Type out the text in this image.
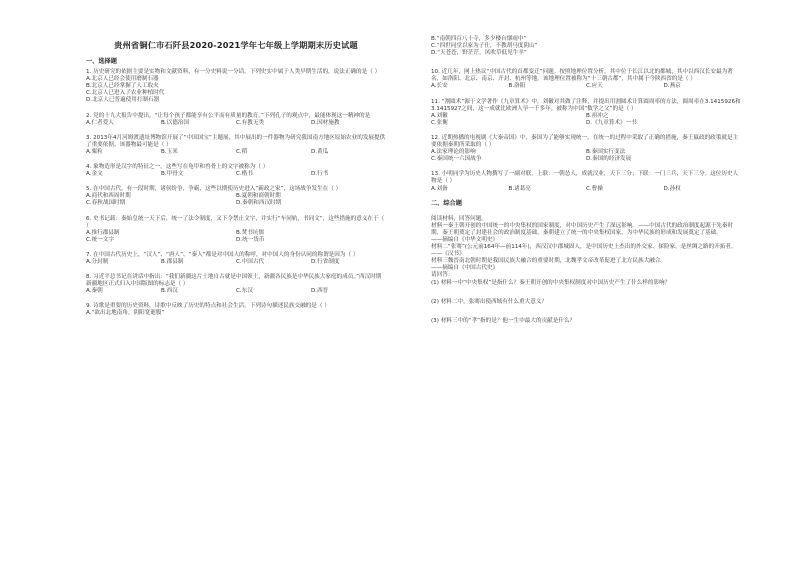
贵州省铜仁市石阡县2020-2021学年七年级上学期期末历史试题
一、选择题

1. 历史研究的依据主要是实物和文献资料，有一分史料说一分话。下列史实中属于人类早期生活的，说法正确的是（ ）

A.北京人已经会使用磨制石器
B.北京人已经掌握了人工取火
C.北京人已进入了农业种植时代
D.北京人已普遍使用打制石器

2. 党的十九大报告中提出，“让每个孩子都能享有公平而有质量的教育。”下列孔子的观点中，最能体现这一精神的是

A.仁者爱人	B.以德治国	C.有教无类	D.因材施教

3. 2013年4月河姆渡遗址博物馆开展了“中国国宝”主题展，其中展出的一件器物为研究我国南方地区原始农业的发展提供了重要依据。该器物最可能是（ ）

A.粟粒	B.玉米	C.稻	D.黄瓜

4. 象物造形是汉字的特征之一，这些写在龟甲和兽骨上的文字被称为（ ）

A.金文	B.甲骨文	C.楷书	D.行书

5. 在中国古代，有一段时期，诸侯纷争，争霸，这些以期使历史进入“霸政之家”，这场战争发生在（ ）

A.商代和西周时期	B.夏朝和商朝时期
C.春秋战国时期	D.秦朝和西汉时期

6. 史书记载：秦始皇统一天下后，统一了法令制度，又下令禁止文字，并实行“车同轨，书同文”，这些措施的意义在于（ ）

A.推行郡县制	B.焚书坑儒
C.统一文字	D.统一货币

7. 在中国古代历史上，“汉人”、“唐人”、“秦人”都是对中国人的称呼，对中国人的身份认同的称谓是因为（ ）

A.分封制	B.郡县制	C.中国古代	D.行省制度

8. 习近平总书记在讲话中指出：“我们新疆这片土地自古就是中国领土，新疆各民族是中华民族大家庭的成员。”西汉时期新疆地区正式归入中国版图的标志是（ ）

A.秦朝	B.西汉	C.东汉	D.西晋

9. 诗歌是重要的历史资料，诗歌中反映了历史的特点和社会生活。下列诗句描述民族交融的是（ ）

A.“欲出北地南角，阴阳宽逝腹”
B.“南朝四百八十寺，多少楼台烟雨中”
C.“四世同堂以家为子仕，不教胡马度阴山”
D.“天苍苍，野茫茫，风吹草低见牛羊”

10. 近几年，网上热议“中国古代的首都变迁”问题。按照地理位置分析，其中位于长江以北的都城，其中以西汉长安最为著名，如洛阳、北京、南京、开封、杭州等地。该地理位置被称为“十三朝古都”，其中属于今陕西省的是（ ）

A.长安	B.洛阳	C.应天	D.燕京

11. “割圆术”源于文学著作《九章算术》中，刘徽对其做了注释，并提出用割圆术计算圆周率的方法，圆周率在3.1415926和3.1415927之间，这一成就比欧洲人早一千多年。被称为中国“数学之父”的是（ ）

A.刘徽	B.祖冲之
C.张衡	D.《九章算术》一书

12. 近期热播的电视剧《大秦帝国》中，秦国为了能够实现统一，在统一的过程中采取了正确的措施，秦王嬴政的政策就是主要依据秦朝所采取的（ ）

A.法家理论的影响	B.秦国实行变法
C.秦国统一六国战争	D.秦国的经济发展

13. 小明同学为历史人物撰写了一副对联，上联：一朝怂人，成就汉业，天下三分；下联：一门三兵，天下三分。这位历史人物是（ ）

A.刘备	B.诸葛亮	C.曹操	D.孙权
二、综合题

阅读材料，回答问题。

材料一秦王朝开创的中国统一的中央集权的国家制度，对中国历史产生了深远影响。——中国古代的政治制度起源于先秦时期，秦王朝奠定了封建社会的政治制度基础。秦朝建立了统一的中央集权国家，为中华民族的形成和发展奠定了基础。

——摘编自《中华文明史》

材料二“张骞”(公元前164年—前114年)，西汉汉中郡城固人，是中国历史上杰出的外交家、探险家，是丝绸之路的开拓者。

——《汉书》

材料三魏晋南北朝时期是我国民族大融合的重要时期，北魏孝文帝改革促进了北方民族大融合。

——摘编自《中国古代史》

请回答：

(1) 材料一中“中央集权”是指什么？秦王朝开创的中央集权制度对中国历史产生了什么样的影响？

(2) 材料二中，张骞出使西域有什么重大意义？

(3) 材料三中的“孝”指的是？他一生中最大的贡献是什么？
